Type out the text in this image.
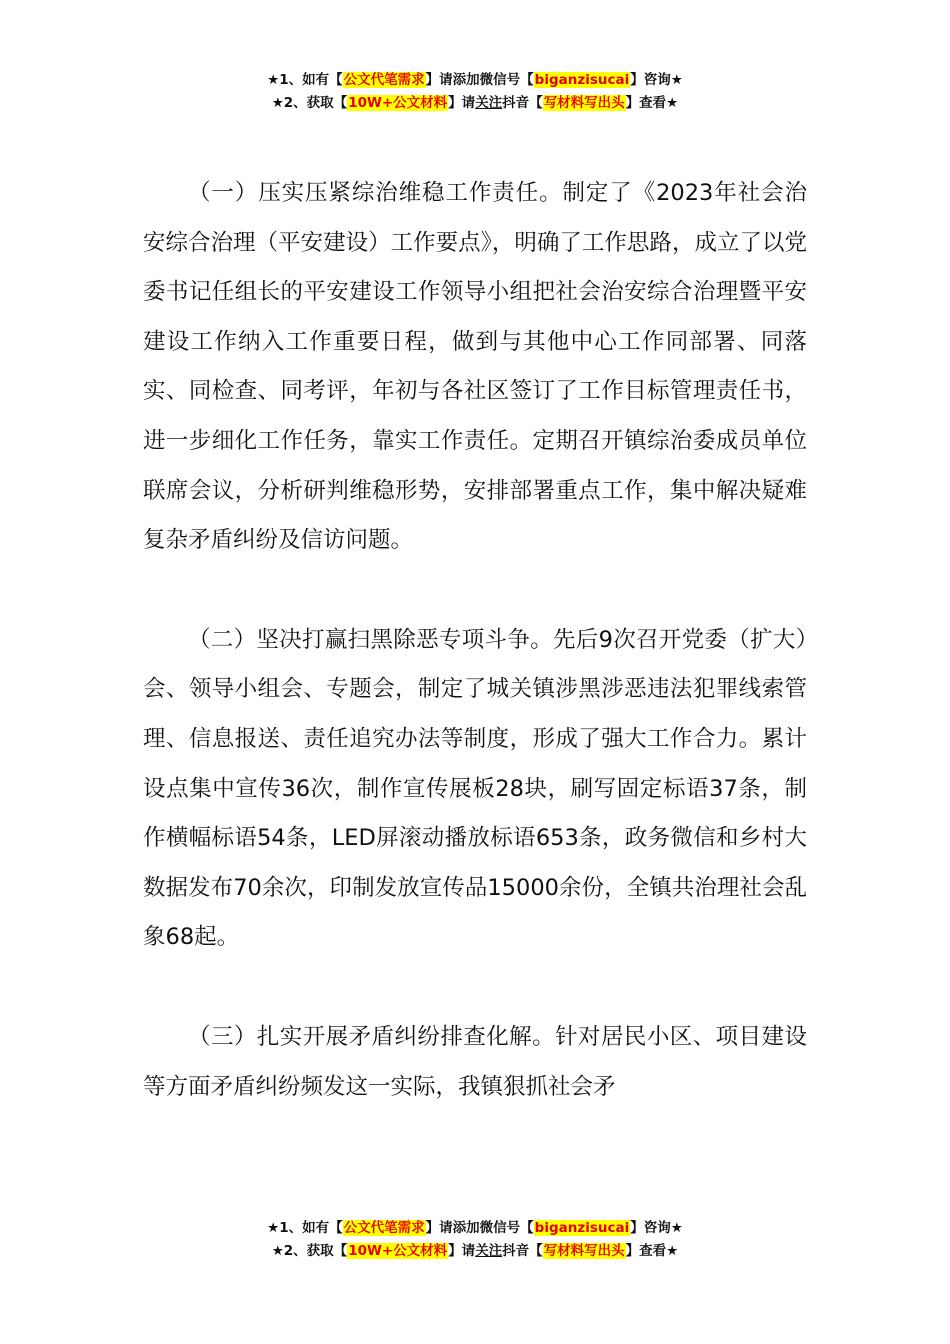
★1、如有【公文代笔需求】请添加微信号【biganzisucai】咨询★
★2、获取【10W+公文材料】请关注抖音【写材料写出头】查看★

（一）压实压紧综治维稳工作责任。制定了《2023年社会治安综合治理（平安建设）工作要点》，明确了工作思路，成立了以党委书记任组长的平安建设工作领导小组把社会治安综合治理暨平安建设工作纳入工作重要日程，做到与其他中心工作同部署、同落实、同检查、同考评，年初与各社区签订了工作目标管理责任书，进一步细化工作任务，靠实工作责任。定期召开镇综治委成员单位联席会议，分析研判维稳形势，安排部署重点工作，集中解决疑难复杂矛盾纠纷及信访问题。

（二）坚决打赢扫黑除恶专项斗争。先后9次召开党委（扩大）会、领导小组会、专题会，制定了城关镇涉黑涉恶违法犯罪线索管理、信息报送、责任追究办法等制度，形成了强大工作合力。累计设点集中宣传36次，制作宣传展板28块，刷写固定标语37条，制作横幅标语54条，LED屏滚动播放标语653条，政务微信和乡村大数据发布70余次，印制发放宣传品15000余份，全镇共治理社会乱象68起。

（三）扎实开展矛盾纠纷排查化解。针对居民小区、项目建设等方面矛盾纠纷频发这一实际，我镇狠抓社会矛

★1、如有【公文代笔需求】请添加微信号【biganzisucai】咨询★
★2、获取【10W+公文材料】请关注抖音【写材料写出头】查看★
